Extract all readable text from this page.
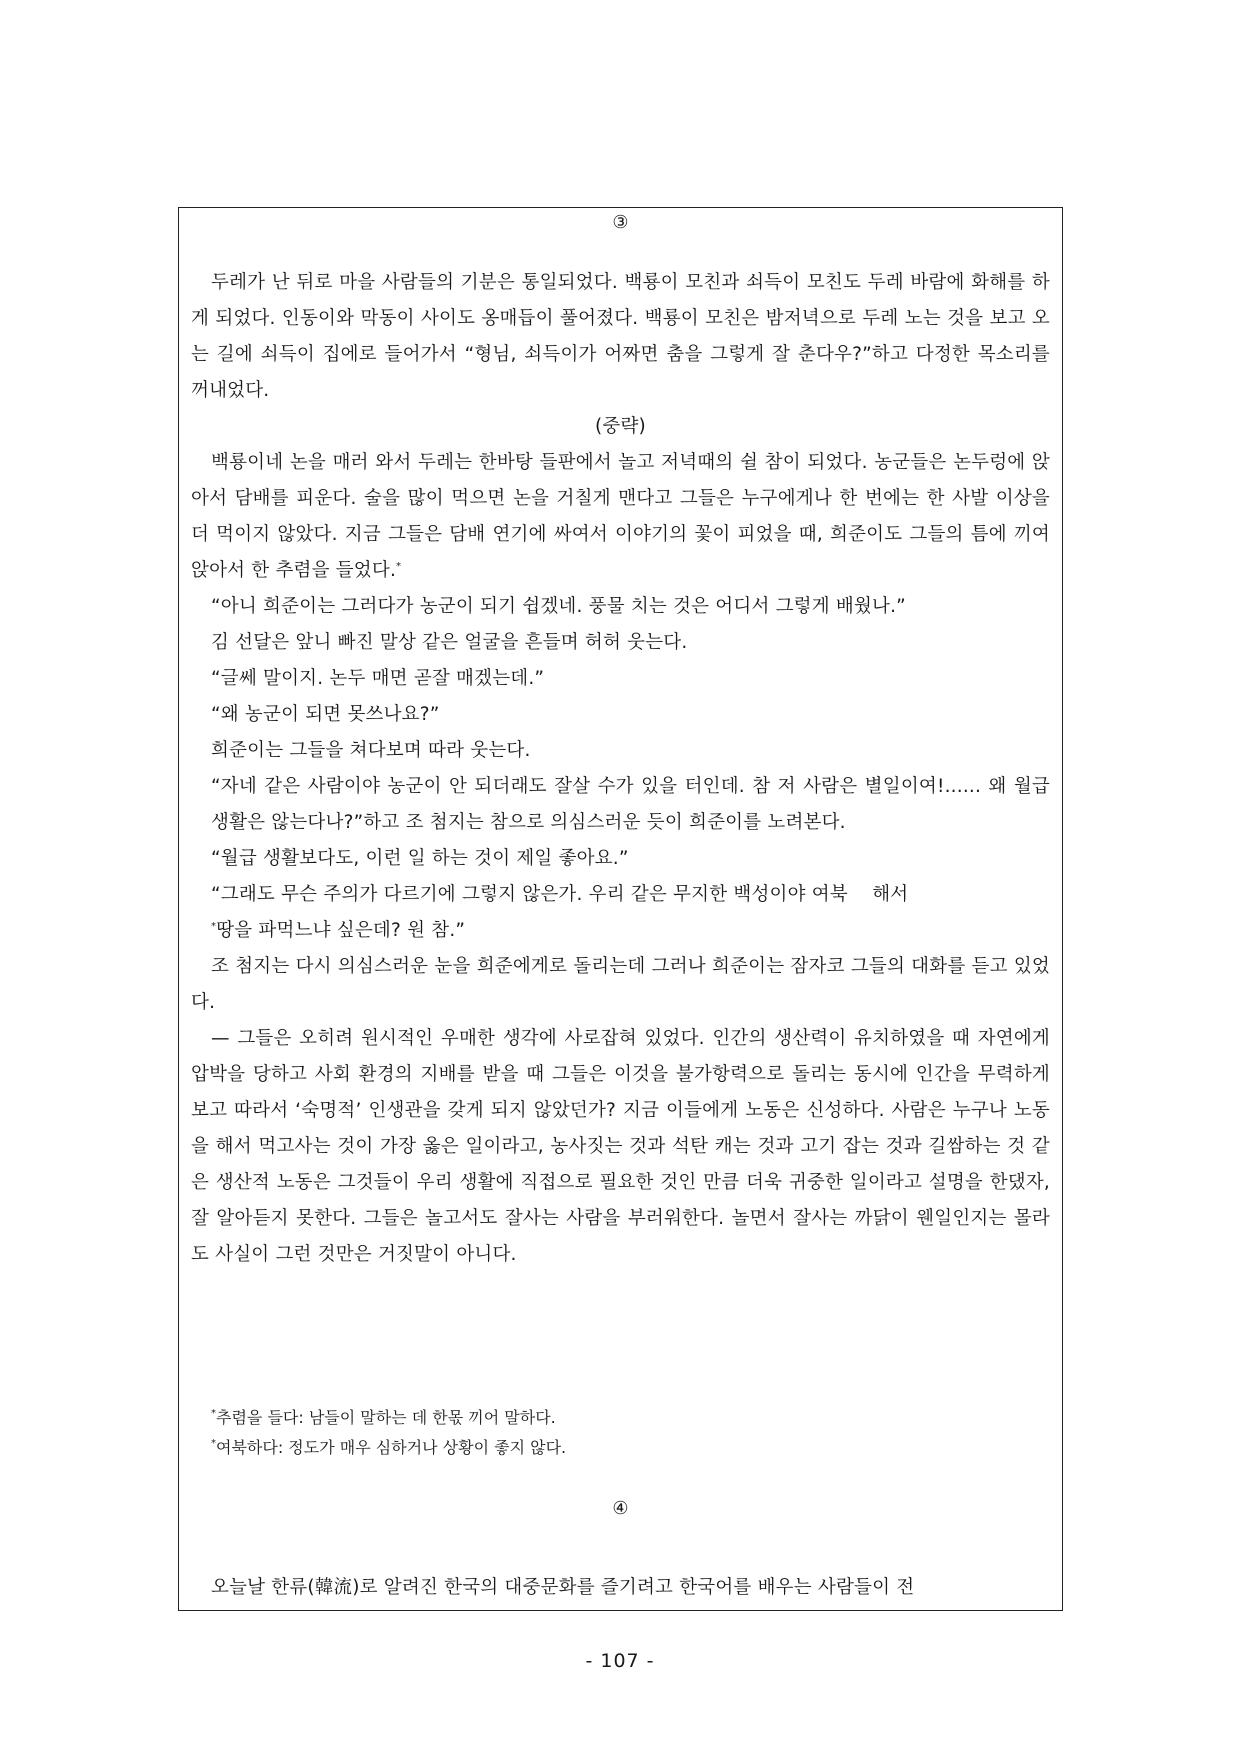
③

두레가 난 뒤로 마을 사람들의 기분은 통일되었다. 백룡이 모친과 쇠득이 모친도 두레 바람에 화해를 하게 되었다. 인동이와 막동이 사이도 옹매듭이 풀어졌다. 백룡이 모친은 밤저녁으로 두레 노는 것을 보고 오는 길에 쇠득이 집에로 들어가서 “형님, 쇠득이가 어짜면 춤을 그렇게 잘 춘다우?”하고 다정한 목소리를 꺼내었다.

(중략)

백룡이네 논을 매러 와서 두레는 한바탕 들판에서 놀고 저녁때의 쉴 참이 되었다. 농군들은 논두렁에 앉아서 담배를 피운다. 술을 많이 먹으면 논을 거칠게 맨다고 그들은 누구에게나 한 번에는 한 사발 이상을 더 먹이지 않았다. 지금 그들은 담배 연기에 싸여서 이야기의 꽃이 피었을 때, 희준이도 그들의 틈에 끼여 앉아서 한 추렴을 들었다.*

“아니 희준이는 그러다가 농군이 되기 쉽겠네. 풍물 치는 것은 어디서 그렇게 배웠나.”

김 선달은 앞니 빠진 말상 같은 얼굴을 흔들며 허허 웃는다.

“글쎄 말이지. 논두 매면 곧잘 매겠는데.”

“왜 농군이 되면 못쓰나요?”

희준이는 그들을 쳐다보며 따라 웃는다.

“자네 같은 사람이야 농군이 안 되더래도 잘살 수가 있을 터인데. 참 저 사람은 별일이여!...... 왜 월급 생활은 않는다나?”하고 조 첨지는 참으로 의심스러운 듯이 희준이를 노려본다.

“월급 생활보다도, 이런 일 하는 것이 제일 좋아요.”

“그래도 무슨 주의가 다르기에 그렇지 않은가. 우리 같은 무지한 백성이야 여북    해서
*땅을 파먹느냐 싶은데? 원 참.”

조 첨지는 다시 의심스러운 눈을 희준에게로 돌리는데 그러나 희준이는 잠자코 그들의 대화를 듣고 있었다.

— 그들은 오히려 원시적인 우매한 생각에 사로잡혀 있었다. 인간의 생산력이 유치하였을 때 자연에게 압박을 당하고 사회 환경의 지배를 받을 때 그들은 이것을 불가항력으로 돌리는 동시에 인간을 무력하게 보고 따라서 ‘숙명적’ 인생관을 갖게 되지 않았던가? 지금 이들에게 노동은 신성하다. 사람은 누구나 노동을 해서 먹고사는 것이 가장 옳은 일이라고, 농사짓는 것과 석탄 캐는 것과 고기 잡는 것과 길쌈하는 것 같은 생산적 노동은 그것들이 우리 생활에 직접으로 필요한 것인 만큼 더욱 귀중한 일이라고 설명을 한댔자, 잘 알아듣지 못한다. 그들은 놀고서도 잘사는 사람을 부러워한다. 놀면서 잘사는 까닭이 웬일인지는 몰라도 사실이 그런 것만은 거짓말이 아니다.

*추렴을 들다: 남들이 말하는 데 한몫 끼어 말하다.
*여북하다: 정도가 매우 심하거나 상황이 좋지 않다.
④

오늘날 한류(韓流)로 알려진 한국의 대중문화를 즐기려고 한국어를 배우는 사람들이 전

- 107 -
